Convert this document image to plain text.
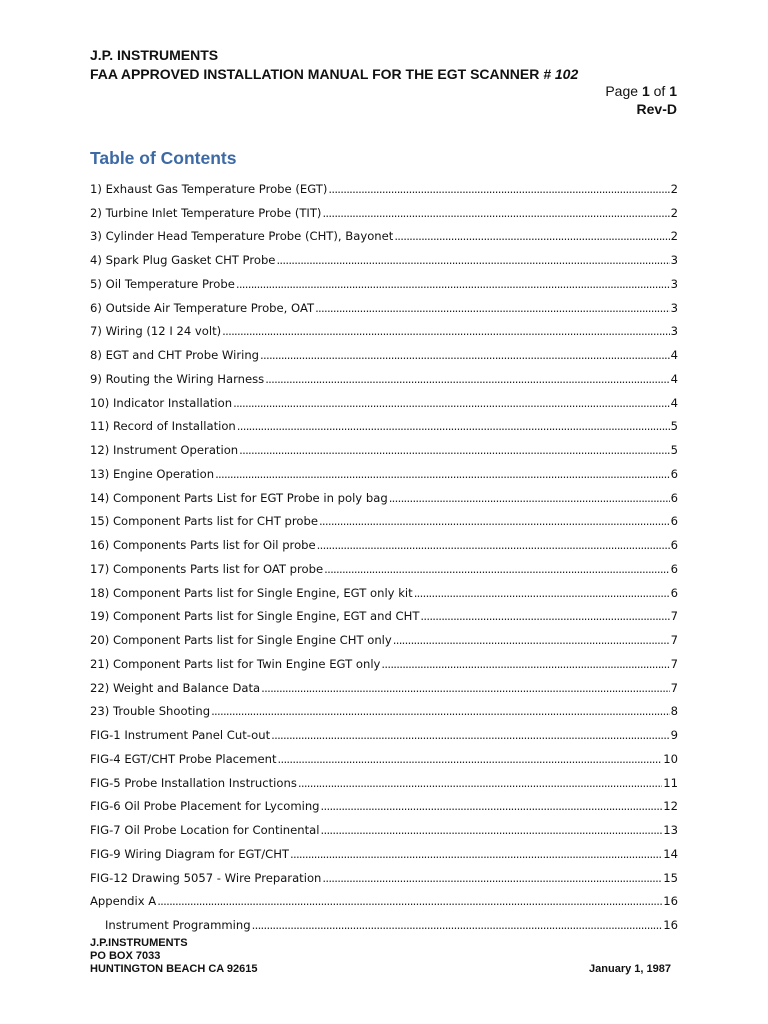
J.P. INSTRUMENTS
FAA APPROVED INSTALLATION MANUAL FOR THE EGT SCANNER # 102
Page 1 of 1
Rev-D
Table of Contents
1) Exhaust Gas Temperature Probe (EGT) . . .	2
2) Turbine Inlet Temperature Probe (TIT) . . .	2
3) Cylinder Head Temperature Probe (CHT), Bayonet . . .	2
4) Spark Plug Gasket CHT Probe . . .	3
5) Oil Temperature Probe . . .	3
6) Outside Air Temperature Probe, OAT . . .	3
7) Wiring (12 I 24 volt) . . .	3
8) EGT and CHT Probe Wiring . . .	4
9) Routing the Wiring Harness . . .	4
10) Indicator Installation . . .	4
11) Record of Installation . . .	5
12) Instrument Operation . . .	5
13) Engine Operation . . .	6
14) Component Parts List for EGT Probe in poly bag . . .	6
15) Component Parts list for CHT probe . . .	6
16) Components Parts list for Oil probe . . .	6
17) Components Parts list for OAT probe . . .	6
18) Component Parts list for Single Engine, EGT only kit . . .	6
19) Component Parts list for Single Engine, EGT and CHT . . .	7
20) Component Parts list for Single Engine CHT only . . .	7
21) Component Parts list for Twin Engine EGT only . . .	7
22) Weight and Balance Data . . .	7
23) Trouble Shooting . . .	8
FIG-1 Instrument Panel Cut-out . . .	9
FIG-4 EGT/CHT Probe Placement . . .	10
FIG-5 Probe Installation Instructions . . .	11
FIG-6 Oil Probe Placement for Lycoming . . .	12
FIG-7 Oil Probe Location for Continental . . .	13
FIG-9 Wiring Diagram for EGT/CHT . . .	14
FIG-12 Drawing 5057 - Wire Preparation . . .	15
Appendix A . . .	16
Instrument Programming . . .	16
J.P.INSTRUMENTS
PO BOX 7033
HUNTINGTON BEACH CA 92615	January 1, 1987
